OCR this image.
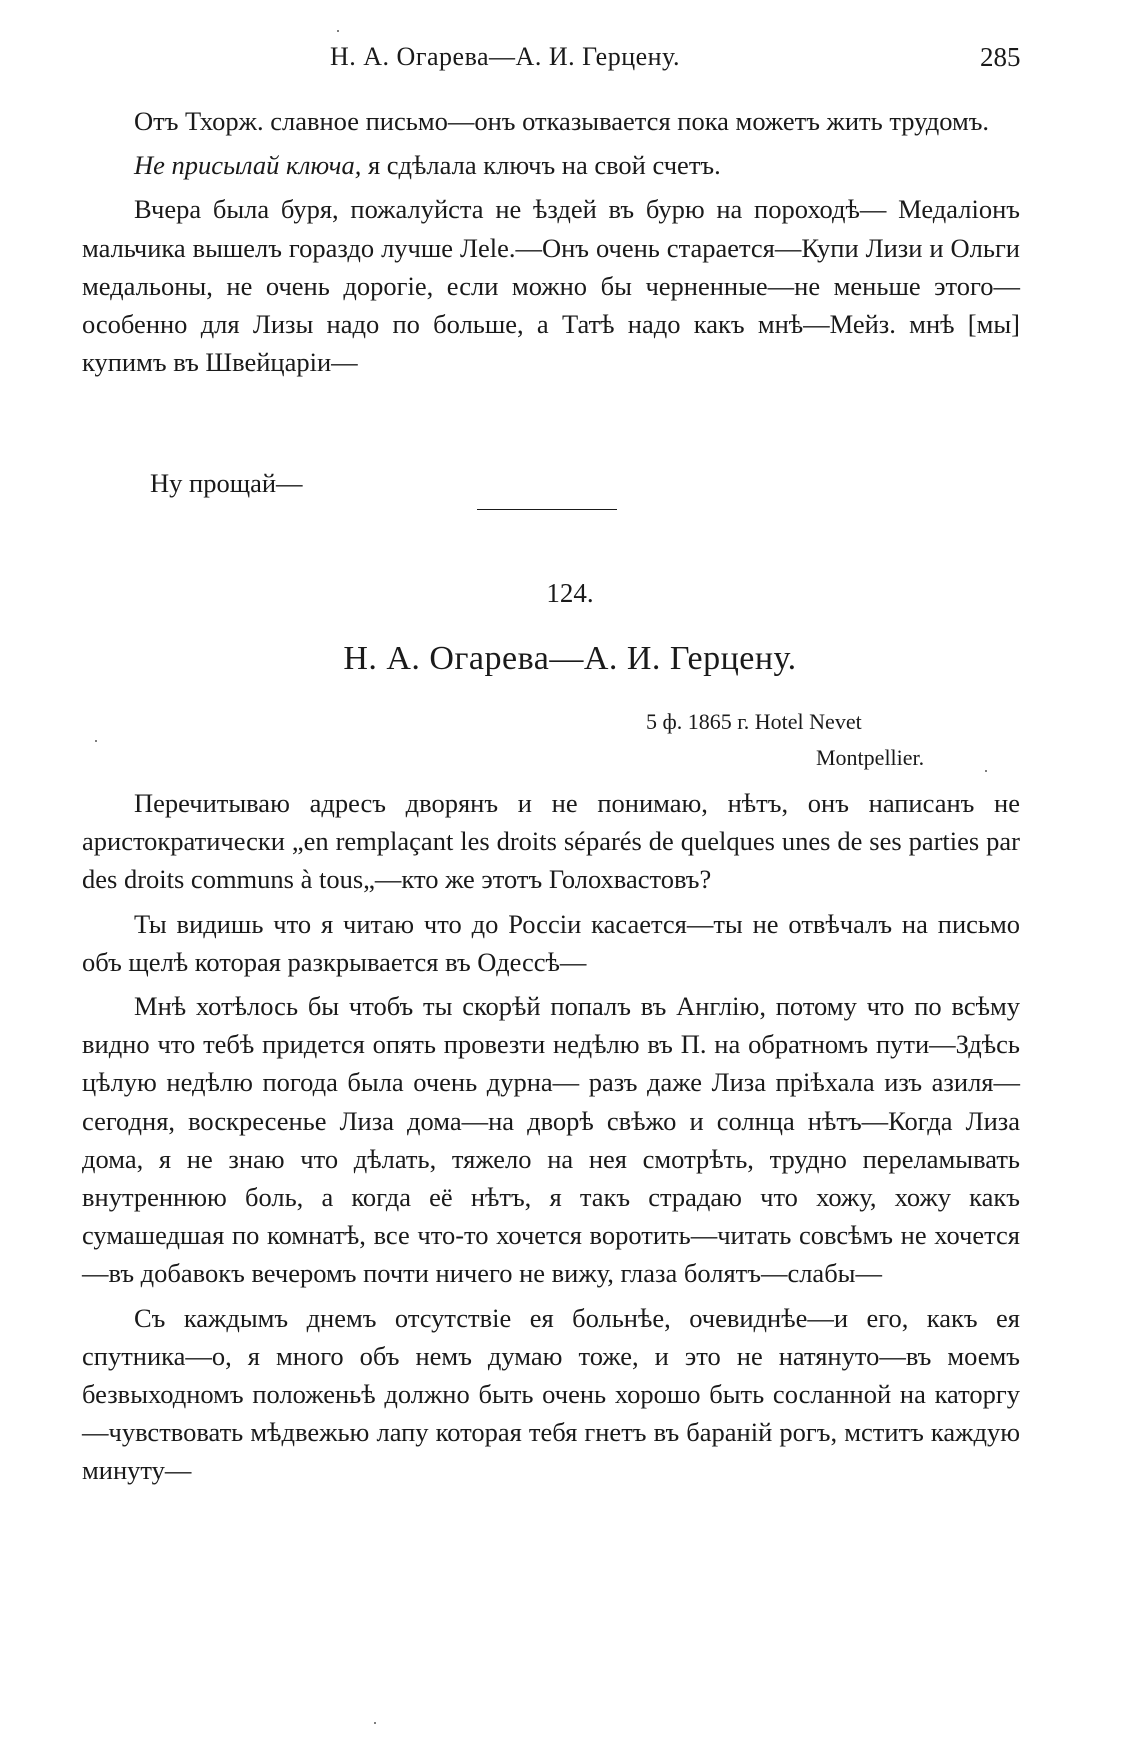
Н. А. Огарева—А. И. Герцену.	285

Отъ Тхорж. славное письмо—онъ отказывается пока можетъ жить трудомъ.

Не присылай ключа, я сдѣлала ключъ на свой счетъ.

Вчера была буря, пожалуйста не ѣздей въ бурю на пороходѣ— Медаліонъ мальчика вышелъ гораздо лучше Лele.—Онъ очень старается—Купи Лизи и Ольги медальоны, не очень дорогіе, если можно бы черненные—не меньше этого—особенно для Лизы надо по больше, а Татѣ надо какъ мнѣ—Мейз. мнѣ [мы] купимъ въ Швейцаріи—

Ну прощай—
124.
Н. А. Огарева—А. И. Герцену.
5 ф. 1865 г. Hotel Nevet
Montpellier.

Перечитываю адресъ дворянъ и не понимаю, нѣтъ, онъ написанъ не аристократически „en remplaçant les droits séparés de quelques unes de ses parties par des droits communs à tous„—кто же этотъ Голохвастовъ?

Ты видишь что я читаю что до Россіи касается—ты не отвѣчалъ на письмо объ щелѣ которая разкрывается въ Одессѣ—

Мнѣ хотѣлось бы чтобъ ты скорѣй попалъ въ Англію, потому что по всѣму видно что тебѣ придется опять провезти недѣлю въ П. на обратномъ пути—Здѣсь цѣлую недѣлю погода была очень дурна— разъ даже Лиза пріѣхала изъ азиля—сегодня, воскресенье Лиза дома—на дворѣ свѣжо и солнца нѣтъ—Когда Лиза дома, я не знаю что дѣлать, тяжело на нея смотрѣть, трудно переламывать внутреннюю боль, а когда её нѣтъ, я такъ страдаю что хожу, хожу какъ сумашедшая по комнатѣ, все что-то хочется воротить—читать совсѣмъ не хочется—въ добавокъ вечеромъ почти ничего не вижу, глаза болятъ—слабы—

Съ каждымъ днемъ отсутствіе ея больнѣе, очевиднѣе—и его, какъ ея спутника—о, я много объ немъ думаю тоже, и это не натянуто—въ моемъ безвыходномъ положеньѣ должно быть очень хорошо быть сосланной на каторгу—чувствовать мѣдвежью лапу которая тебя гнетъ въ бараній рогъ, мститъ каждую минуту—
